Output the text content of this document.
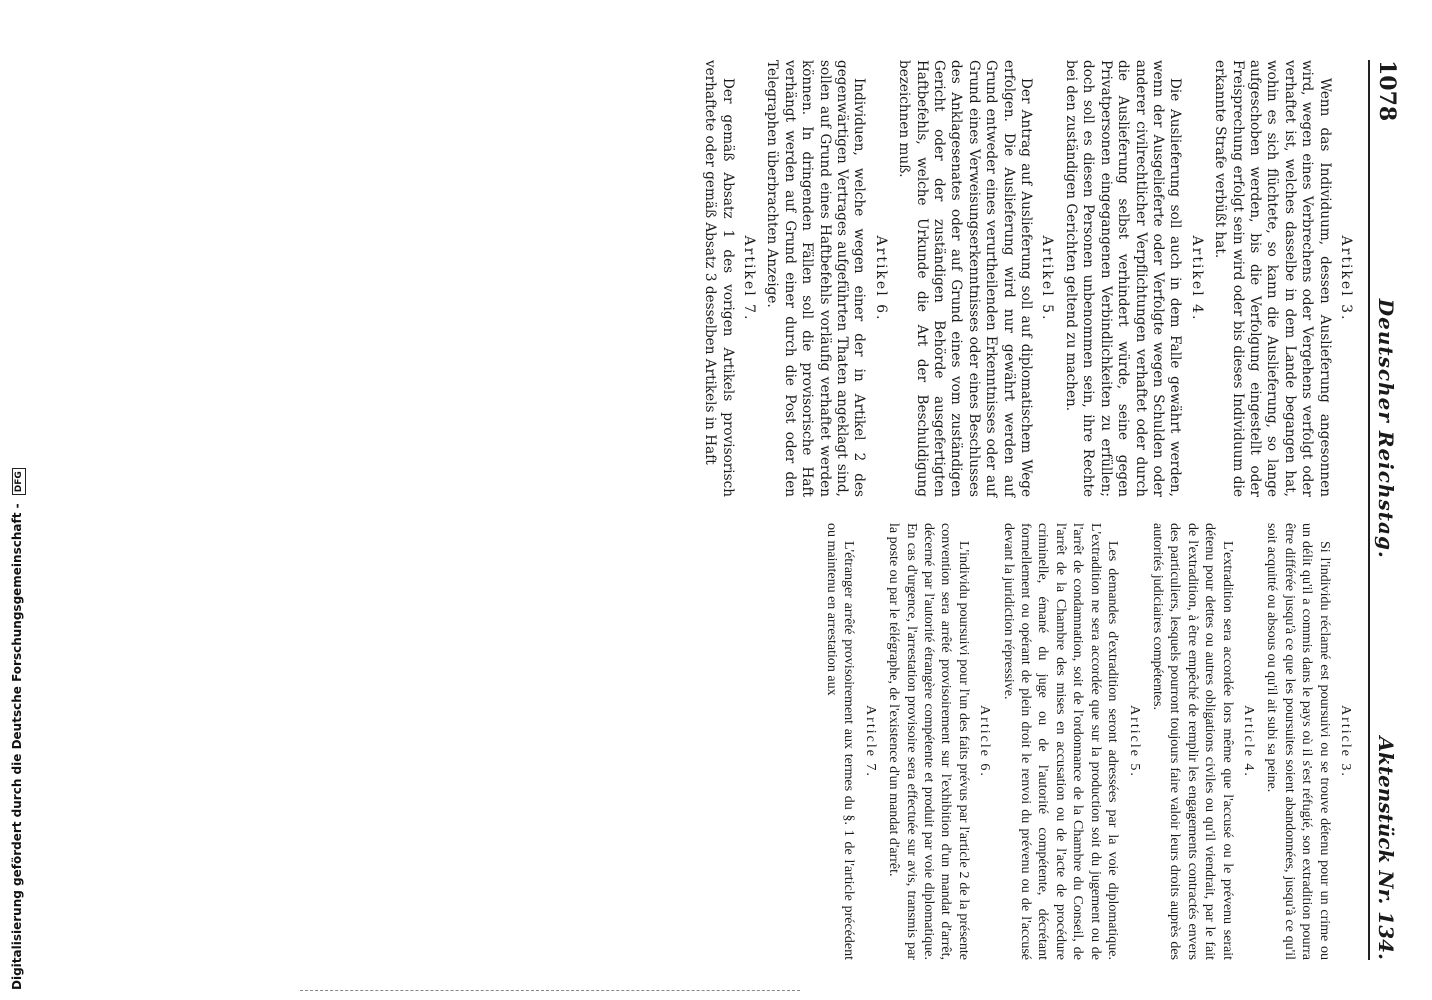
1078
Deutscher Reichstag.
Aktenstück Nr. 134.
Artikel 3.

Wenn das Individuum, dessen Auslieferung angesonnen wird, wegen eines Verbrechens oder Vergehens verfolgt oder verhaftet ist, welches dasselbe in dem Lande begangen hat, wohin es sich flüchtete, so kann die Auslieferung, so lange aufgeschoben werden, bis die Verfolgung eingestellt oder Freisprechung erfolgt sein wird oder bis dieses Individuum die erkannte Strafe verbüßt hat.

Artikel 4.

Die Auslieferung soll auch in dem Falle gewährt werden, wenn der Ausgelieferte oder Verfolgte wegen Schulden oder anderer civilrechtlicher Verpflichtungen verhaftet oder durch die Auslieferung selbst verhindert würde, seine gegen Privatpersonen eingegangenen Verbindlichkeiten zu erfüllen; doch soll es diesen Personen unbenommen sein, ihre Rechte bei den zuständigen Gerichten geltend zu machen.

Artikel 5.

Der Antrag auf Auslieferung soll auf diplomatischem Wege erfolgen. Die Auslieferung wird nur gewährt werden auf Grund entweder eines verurtheilenden Erkenntnisses oder auf Grund eines Verweisungserkenntnisses oder eines Beschlusses des Anklagesenates oder auf Grund eines vom zuständigen Gericht oder der zuständigen Behörde ausgefertigten Haftbefehls, welche Urkunde die Art der Beschuldigung bezeichnen muß.

Artikel 6.

Individuen, welche wegen einer der in Artikel 2 des gegenwärtigen Vertrages aufgeführten Thaten angeklagt sind, sollen auf Grund eines Haftbefehls vorläufig verhaftet werden können. In dringenden Fällen soll die provisorische Haft verhängt werden auf Grund einer durch die Post oder den Telegraphen überbrachten Anzeige.

Artikel 7.

Der gemäß Absatz 1 des vorigen Artikels provisorisch verhaftete oder gemäß Absatz 3 desselben Artikels in Haft

Article 3.

Si l'individu réclamé est poursuivi ou se trouve détenu pour un crime ou un délit qu'il a commis dans le pays où il s'est réfugié, son extradition pourra être différée jusqu'à ce que les poursuites soient abandonnées, jusqu'à ce qu'il soit acquitté ou absous ou qu'il ait subi sa peine.

Article 4.

L'extradition sera accordée lors même que l'accusé ou le prévenu serait détenu pour dettes ou autres obligations civiles ou qu'il viendrait, par le fait de l'extradition, à être empêché de remplir les engagements contractés envers des particuliers, lesquels pourront toujours faire valoir leurs droits auprès des autorités judiciaires compétentes.

Article 5.

Les demandes d'extradition seront adressées par la voie diplomatique. L'extradition ne sera accordée que sur la production soit du jugement ou de l'arrêt de condamnation, soit de l'ordonnance de la Chambre du Conseil, de l'arrêt de la Chambre des mises en accusation ou de l'acte de procédure criminelle, émané du juge ou de l'autorité compétente, décrétant formellement ou opérant de plein droit le renvoi du prévenu ou de l'accusé devant la juridiction répressive.

Article 6.

L'individu poursuivi pour l'un des faits prévus par l'article 2 de la présente convention sera arrêté provisoirement sur l'exhibition d'un mandat d'arrêt, décerné par l'autorité étrangère compétente et produit par voie diplomatique. En cas d'urgence, l'arrestation provisoire sera effectuée sur avis, transmis par la poste ou par le télégraphe, de l'existence d'un mandat d'arrêt.

Article 7.

L'étranger arrêté provisoirement aux termes du §. 1 de l'article précédent ou maintenu en arrestation aux

Digitalisierung gefördert durch die Deutsche Forschungsgemeinschaft - DFG
